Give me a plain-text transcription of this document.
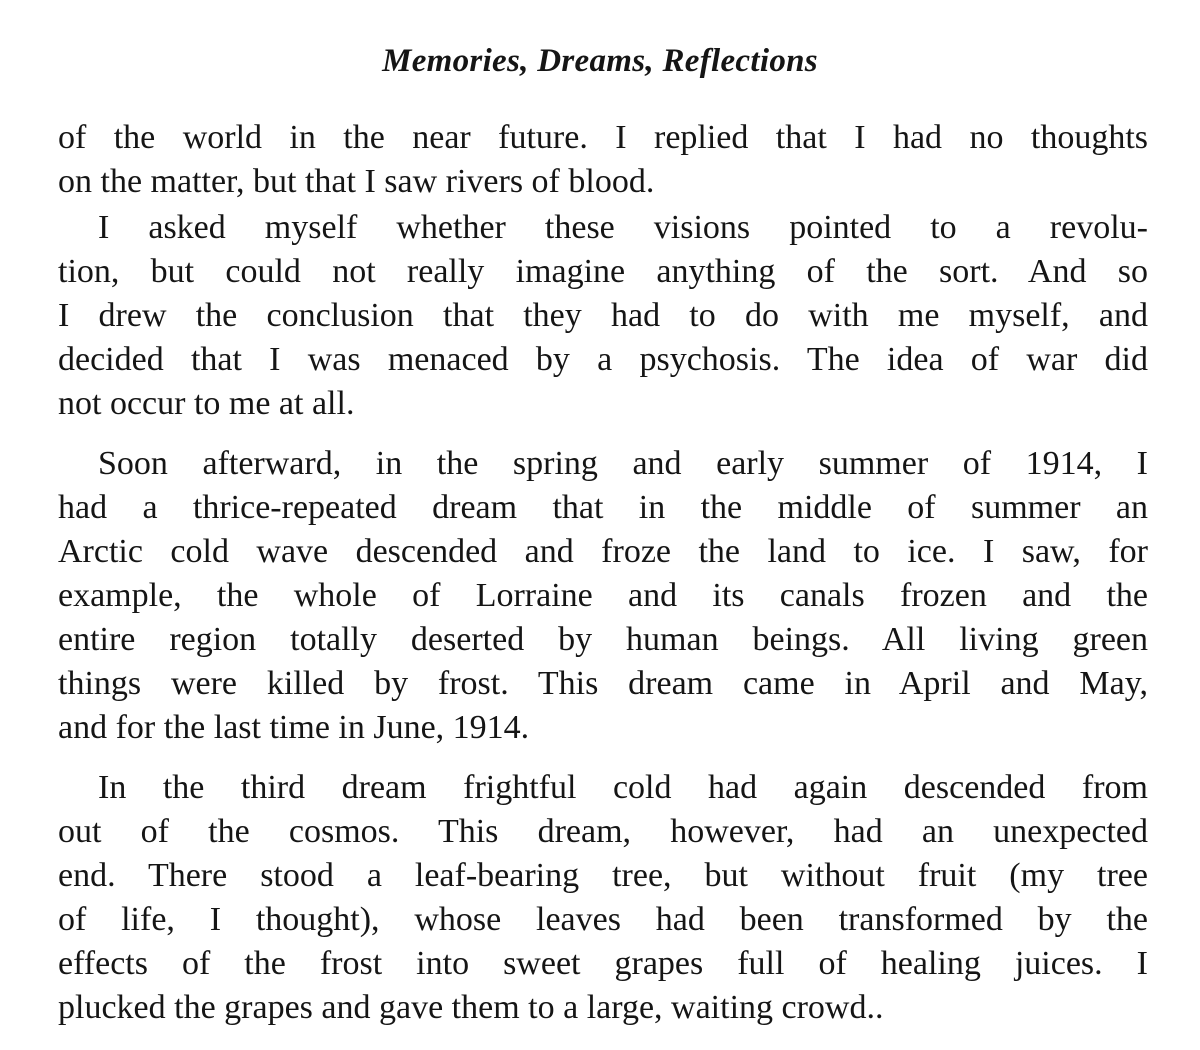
Memories, Dreams, Reflections

of the world in the near future. I replied that I had no thoughts

on the matter, but that I saw rivers of blood.

I asked myself whether these visions pointed to a revolu-

tion, but could not really imagine anything of the sort. And so

I drew the conclusion that they had to do with me myself, and

decided that I was menaced by a psychosis. The idea of war did

not occur to me at all.

Soon afterward, in the spring and early summer of 1914, I

had a thrice-repeated dream that in the middle of summer an

Arctic cold wave descended and froze the land to ice. I saw, for

example, the whole of Lorraine and its canals frozen and the

entire region totally deserted by human beings. All living green

things were killed by frost. This dream came in April and May,

and for the last time in June, 1914.

In the third dream frightful cold had again descended from

out of the cosmos. This dream, however, had an unexpected

end. There stood a leaf-bearing tree, but without fruit (my tree

of life, I thought), whose leaves had been transformed by the

effects of the frost into sweet grapes full of healing juices. I

plucked the grapes and gave them to a large, waiting crowd..
